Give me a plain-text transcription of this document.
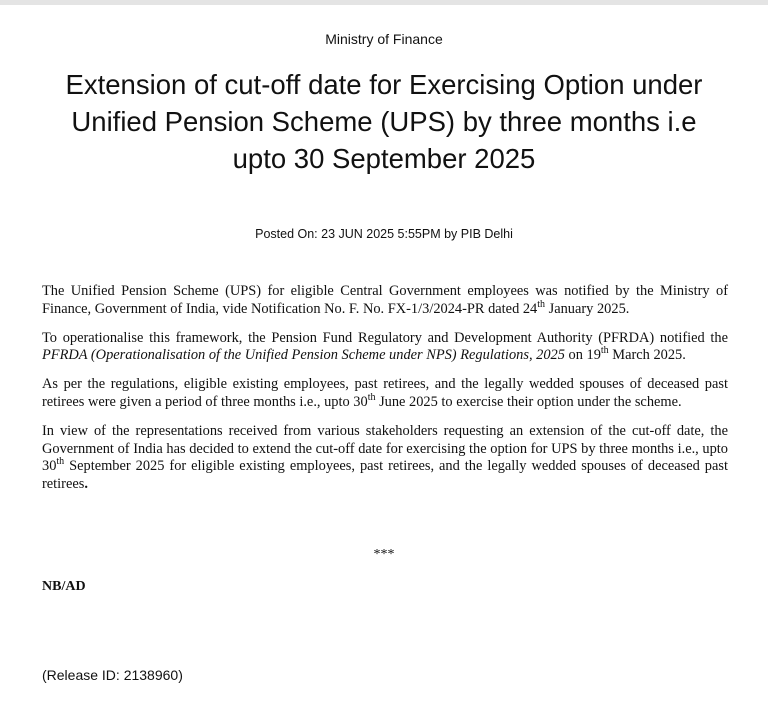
Ministry of Finance
Extension of cut-off date for Exercising Option under
Unified Pension Scheme (UPS) by three months i.e
upto 30 September 2025
Posted On: 23 JUN 2025 5:55PM by PIB Delhi

The Unified Pension Scheme (UPS) for eligible Central Government employees was notified by the Ministry of Finance, Government of India, vide Notification No. F. No. FX-1/3/2024-PR dated 24th January 2025.

To operationalise this framework, the Pension Fund Regulatory and Development Authority (PFRDA) notified the PFRDA (Operationalisation of the Unified Pension Scheme under NPS) Regulations, 2025 on 19th March 2025.

As per the regulations, eligible existing employees, past retirees, and the legally wedded spouses of deceased past retirees were given a period of three months i.e., upto 30th June 2025 to exercise their option under the scheme.

In view of the representations received from various stakeholders requesting an extension of the cut-off date, the Government of India has decided to extend the cut-off date for exercising the option for UPS by three months i.e., upto 30th September 2025 for eligible existing employees, past retirees, and the legally wedded spouses of deceased past retirees.

***
NB/AD
(Release ID: 2138960)
